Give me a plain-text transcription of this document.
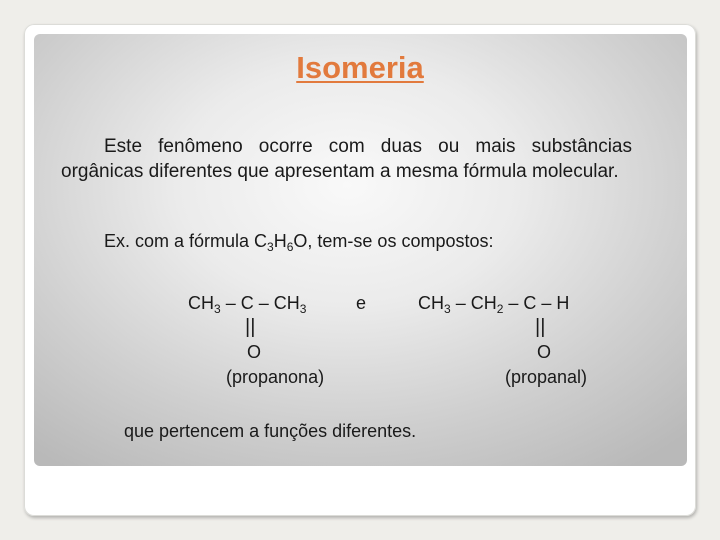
Isomeria

Este fenômeno ocorre com duas ou mais substâncias orgânicas diferentes que apresentam a mesma fórmula molecular.

Ex. com a fórmula $C_3H_6O$, tem-se os compostos:
$CH_3$ – C – $CH_3$	e	$CH_3 - CH_2$ – C – H
||
O
(propanona)
||
O
(propanal)
que pertencem a funções diferentes.
